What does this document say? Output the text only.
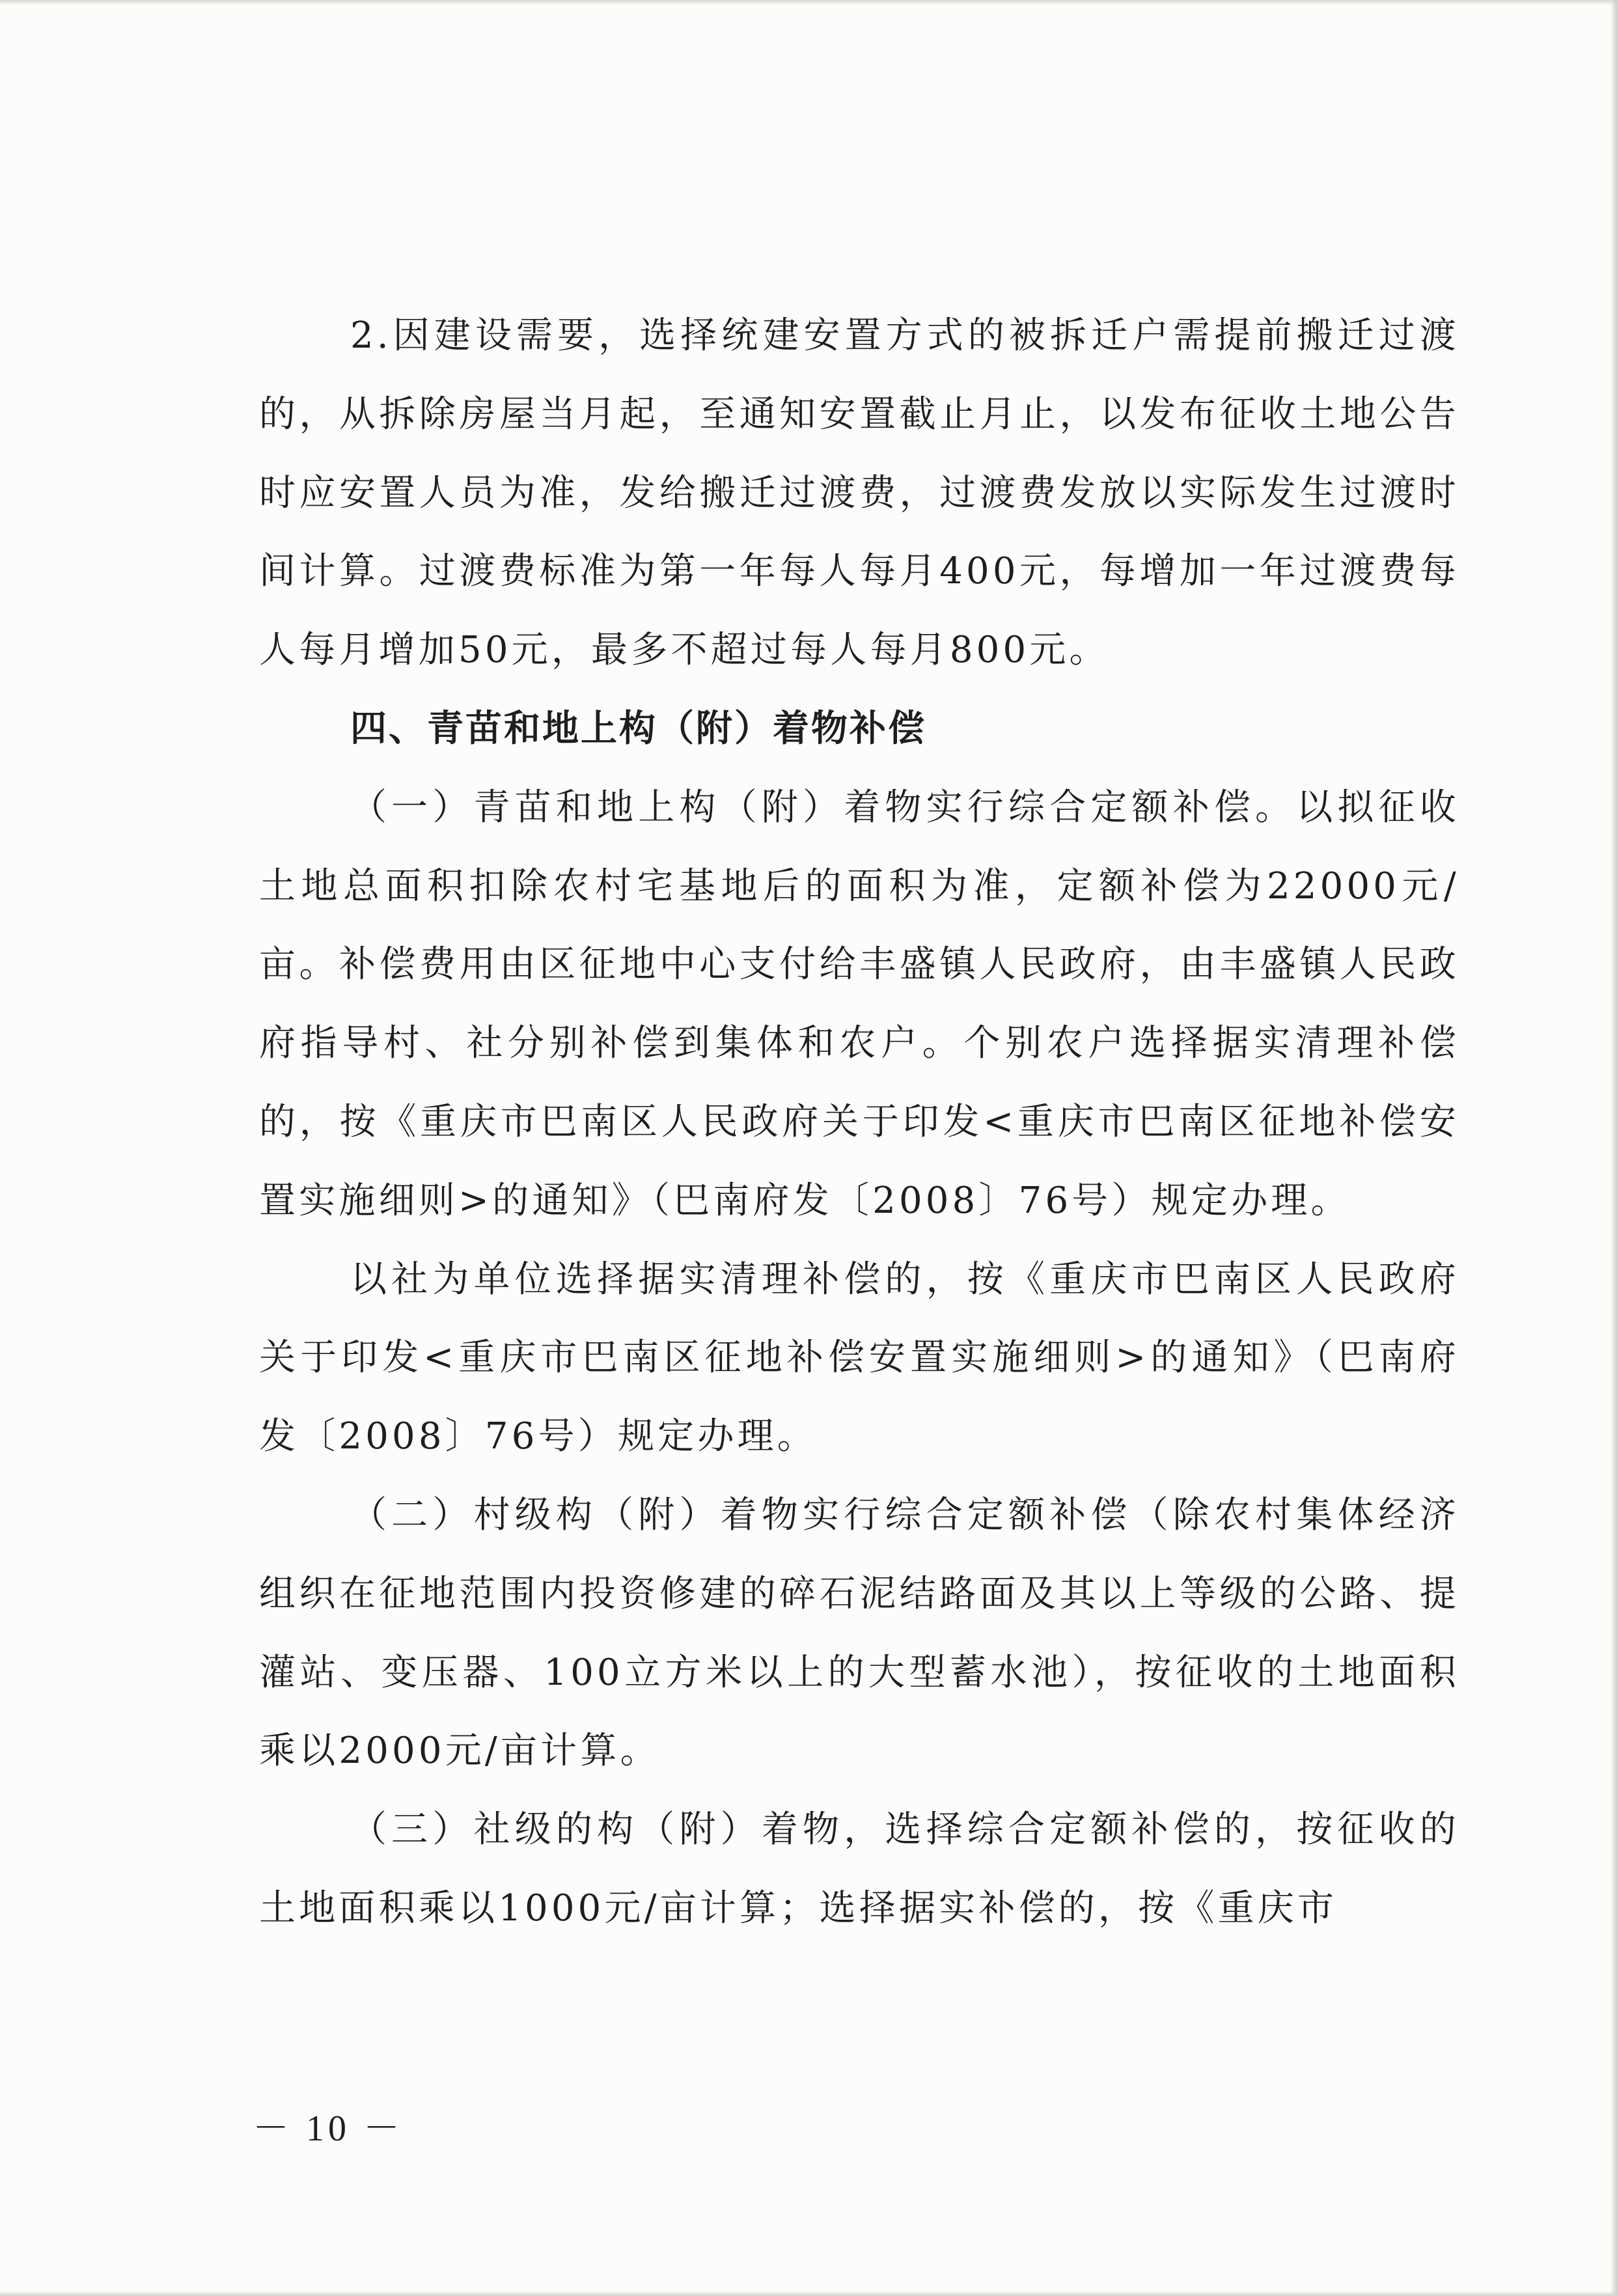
2.因建设需要，选择统建安置方式的被拆迁户需提前搬迁过渡的，从拆除房屋当月起，至通知安置截止月止，以发布征收土地公告时应安置人员为准，发给搬迁过渡费，过渡费发放以实际发生过渡时间计算。过渡费标准为第一年每人每月400元，每增加一年过渡费每人每月增加50元，最多不超过每人每月800元。

四、青苗和地上构（附）着物补偿

（一）青苗和地上构（附）着物实行综合定额补偿。以拟征收土地总面积扣除农村宅基地后的面积为准，定额补偿为22000元/亩。补偿费用由区征地中心支付给丰盛镇人民政府，由丰盛镇人民政府指导村、社分别补偿到集体和农户。个别农户选择据实清理补偿的，按《重庆市巴南区人民政府关于印发<重庆市巴南区征地补偿安置实施细则>的通知》（巴南府发〔2008〕76号）规定办理。

以社为单位选择据实清理补偿的，按《重庆市巴南区人民政府关于印发<重庆市巴南区征地补偿安置实施细则>的通知》（巴南府发〔2008〕76号）规定办理。

（二）村级构（附）着物实行综合定额补偿（除农村集体经济组织在征地范围内投资修建的碎石泥结路面及其以上等级的公路、提灌站、变压器、100立方米以上的大型蓄水池），按征收的土地面积乘以2000元/亩计算。

（三）社级的构（附）着物，选择综合定额补偿的，按征收的土地面积乘以1000元/亩计算；选择据实补偿的，按《重庆市

－ 10 －
